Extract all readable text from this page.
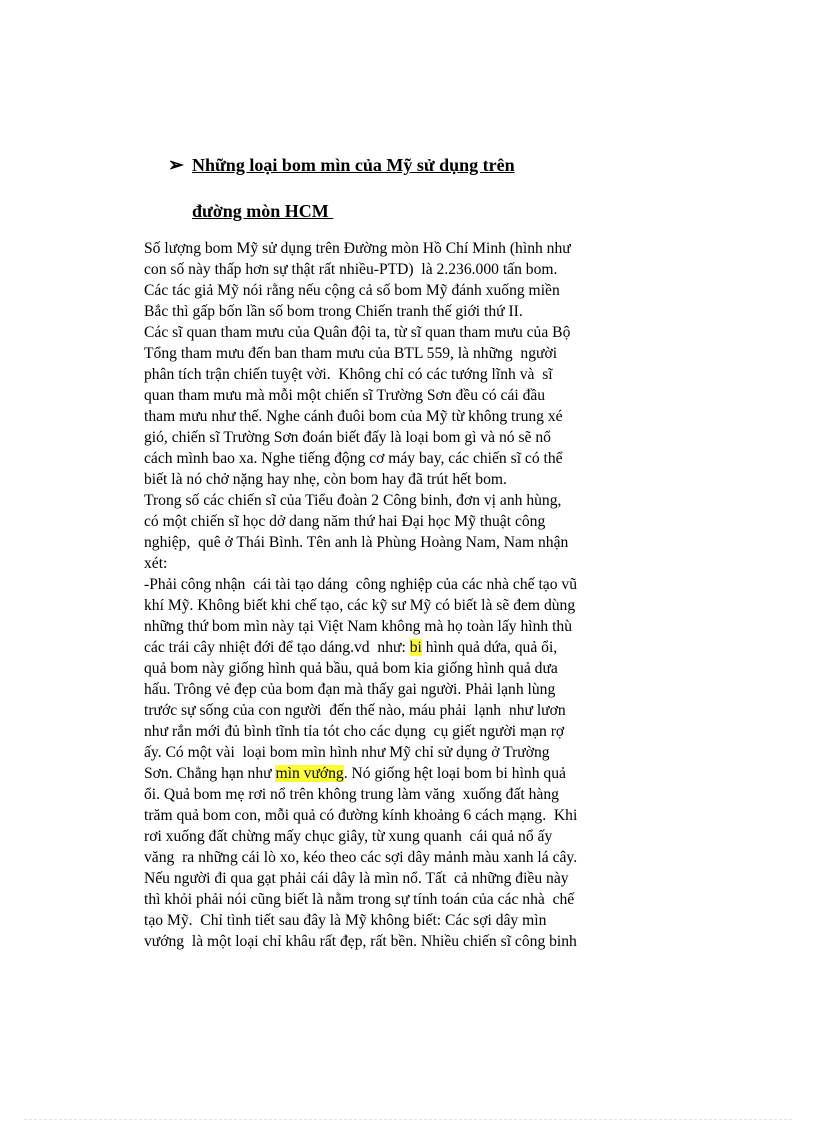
➢ Những loại bom mìn của Mỹ sử dụng trên
đường mòn HCM
Số lượng bom Mỹ sử dụng trên Đường mòn Hồ Chí Minh (hình như
con số này thấp hơn sự thật rất nhiều-PTD)  là 2.236.000 tấn bom.
Các tác giả Mỹ nói rằng nếu cộng cả số bom Mỹ đánh xuống miền
Bắc thì gấp bốn lần số bom trong Chiến tranh thế giới thứ II.
Các sĩ quan tham mưu của Quân đội ta, từ sĩ quan tham mưu của Bộ
Tổng tham mưu đến ban tham mưu của BTL 559, là những  người
phân tích trận chiến tuyệt vời.  Không chỉ có các tướng lĩnh và  sĩ
quan tham mưu mà mỗi một chiến sĩ Trường Sơn đều có cái đầu
tham mưu như thế. Nghe cánh đuôi bom của Mỹ từ không trung xé
gió, chiến sĩ Trường Sơn đoán biết đấy là loại bom gì và nó sẽ nổ
cách mình bao xa. Nghe tiếng động cơ máy bay, các chiến sĩ có thể
biết là nó chở nặng hay nhẹ, còn bom hay đã trút hết bom.
Trong số các chiến sĩ của Tiểu đoàn 2 Công binh, đơn vị anh hùng,
có một chiến sĩ học dở dang năm thứ hai Đại học Mỹ thuật công
nghiệp,  quê ở Thái Bình. Tên anh là Phùng Hoàng Nam, Nam nhận
xét:
-Phải công nhận  cái tài tạo dáng  công nghiệp của các nhà chế tạo vũ
khí Mỹ. Không biết khi chế tạo, các kỹ sư Mỹ có biết là sẽ đem dùng
những thứ bom mìn này tại Việt Nam không mà họ toàn lấy hình thù
các trái cây nhiệt đới để tạo dáng.vd  như: bi hình quả dứa, quả ổi,
quả bom này giống hình quả bầu, quả bom kia giống hình quả dưa
hấu. Trông vẻ đẹp của bom đạn mà thấy gai người. Phải lạnh lùng
trước sự sống của con người  đến thế nào, máu phải  lạnh  như lươn
như rắn mới đủ bình tĩnh tỉa tót cho các dụng  cụ giết người mạn rợ
ấy. Có một vài  loại bom mìn hình như Mỹ chỉ sử dụng ở Trường
Sơn. Chẳng hạn như mìn vướng. Nó giống hệt loại bom bi hình quả
ổi. Quả bom mẹ rơi nổ trên không trung làm văng  xuống đất hàng
trăm quả bom con, mỗi quả có đường kính khoảng 6 cách mạng.  Khi
rơi xuống đất chừng mấy chục giây, từ xung quanh  cái quả nổ ấy
văng  ra những cái lò xo, kéo theo các sợi dây mảnh màu xanh lá cây.
Nếu người đi qua gạt phải cái dây là mìn nổ. Tất  cả những điều này
thì khỏi phải nói cũng biết là nằm trong sự tính toán của các nhà  chế
tạo Mỹ.  Chỉ tình tiết sau đây là Mỹ không biết: Các sợi dây mìn
vướng  là một loại chỉ khâu rất đẹp, rất bền. Nhiều chiến sĩ công binh
